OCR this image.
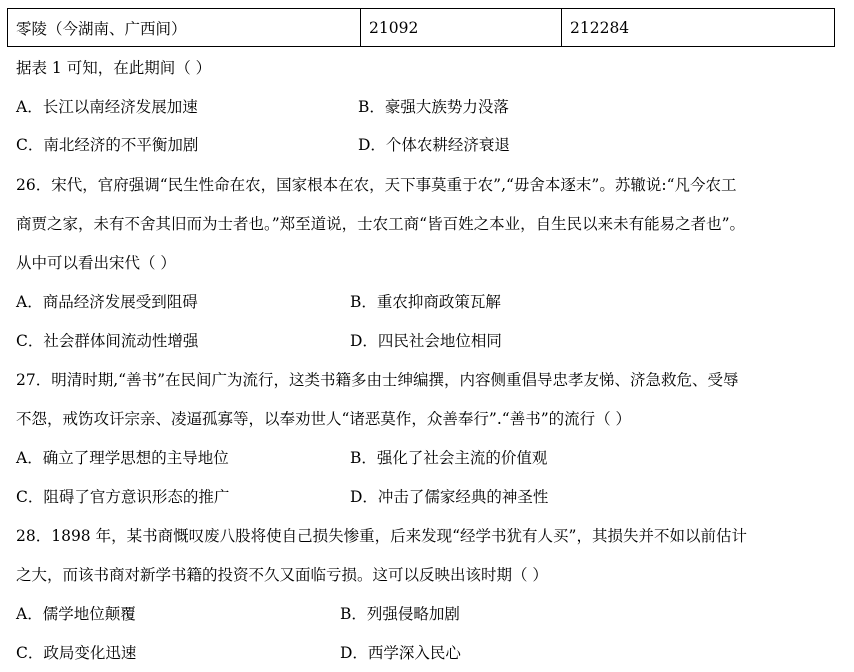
零陵（今湖南、广西间）	21092	212284
据表 1 可知，在此期间（ ）
A．长江以南经济发展加速	B．豪强大族势力没落
C．南北经济的不平衡加剧	D．个体农耕经济衰退
26．宋代，官府强调“民生性命在农，国家根本在农，天下事莫重于农”,“毋舍本逐末”。苏辙说:“凡今农工
商贾之家，未有不舍其旧而为士者也。”郑至道说，士农工商“皆百姓之本业，自生民以来未有能易之者也”。
从中可以看出宋代（ ）
A．商品经济发展受到阻碍	B．重农抑商政策瓦解
C．社会群体间流动性增强	D．四民社会地位相同
27．明清时期,“善书”在民间广为流行，这类书籍多由士绅编撰，内容侧重倡导忠孝友悌、济急救危、受辱
不怨，戒饬攻讦宗亲、凌逼孤寡等，以奉劝世人“诸恶莫作，众善奉行”.“善书”的流行（ ）
A．确立了理学思想的主导地位	B．强化了社会主流的价值观
C．阻碍了官方意识形态的推广	D．冲击了儒家经典的神圣性
28．1898 年，某书商慨叹废八股将使自己损失惨重，后来发现“经学书犹有人买”，其损失并不如以前估计
之大，而该书商对新学书籍的投资不久又面临亏损。这可以反映出该时期（ ）
A．儒学地位颠覆	B．列强侵略加剧
C．政局变化迅速	D．西学深入民心
